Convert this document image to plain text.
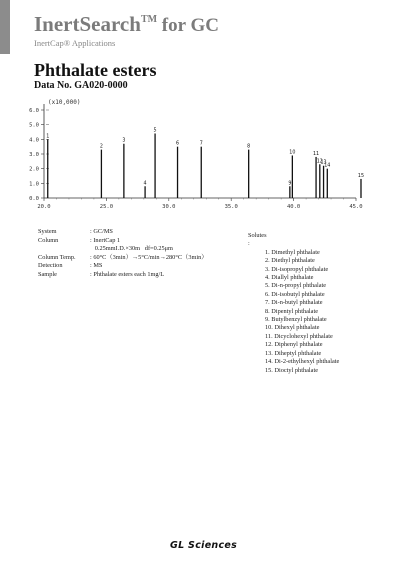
InertSearch™ for GC
InertCap® Applications
Phthalate esters
Data No. GA020-0000
(x10,000)
6.0
5.0
4.0
3.0
2.0
1.0
0.0
20.0	25.0	30.0	35.0	40.0	45.0
1
2
3
4
5
6	7
8
9
10	11
12
13
14
15
System	: GC/MS
Column	: InertCap 1
0.25mmI.D.×30m   df=0.25μm
Column Temp.	: 60°C（3min）→5°C/min→280°C（3min）
Detection	: MS
Sample	: Phthalate esters each 1mg/L
Solutes :
1. Dimethyl phthalate
2. Diethyl phthalate
3. Di-isopropyl phthalate
4. Diallyl phthalate
5. Di-n-propyl phthalate
6. Di-isobutyl phthalate
7. Di-n-butyl phthalate
8. Dipentyl phthalate
9. Butylbenzyl phthalate
10. Dihexyl phthalate
11. Dicyclohexyl phthalate
12. Diphenyl phthalate
13. Diheptyl phthalate
14. Di-2-ethylhexyl phthalate
15. Dioctyl phthalate
GL Sciences
